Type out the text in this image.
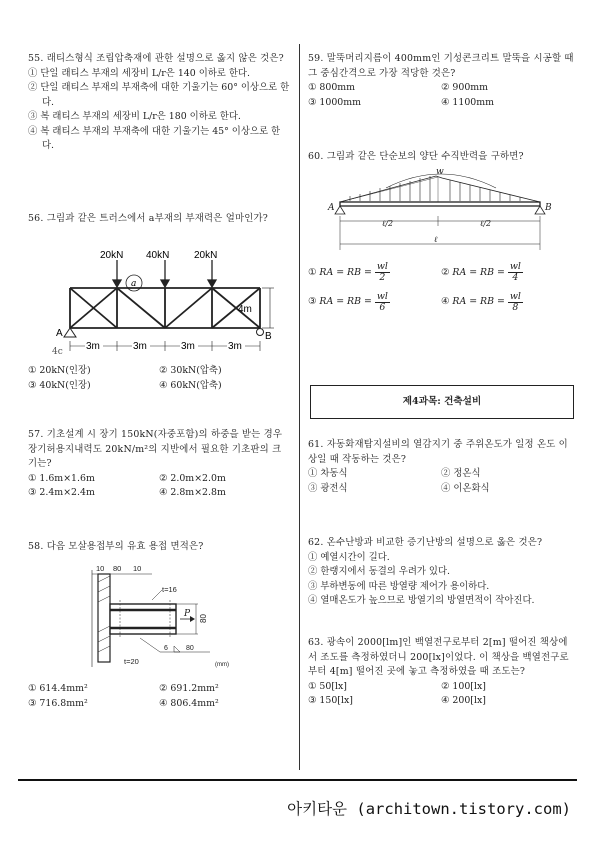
55. 래티스형식 조립압축재에 관한 설명으로 옳지 않은 것은?
① 단일 래티스 부재의 세장비 L/r은 140 이하로 한다.
② 단일 래티스 부재의 부재축에 대한 기울기는 60° 이상으로 한다.
③ 복 래티스 부재의 세장비 L/r은 180 이하로 한다.
④ 복 래티스 부재의 부재축에 대한 기울기는 45° 이상으로 한다.
56. 그림과 같은 트러스에서 a부재의 부재력은 얼마인가?
20kN 40kN 20kN
a
4m
A	B
4c 3m	3m	3m	3m
① 20kN(인장)	② 30kN(압축)
③ 40kN(인장)	④ 60kN(압축)
57. 기초설계 시 장기 150kN(자중포함)의 하중을 받는 경우 장기허용지내력도 20kN/m²의 지반에서 필요한 기초판의 크기는?
① 1.6m×1.6m	② 2.0m×2.0m
③ 2.4m×2.4m	④ 2.8m×2.8m
58. 다음 모살용접부의 유효 용접 면적은?
10 80 10
80
P
t=16
t=20
6	80
(mm)
① 614.4mm²	② 691.2mm²
③ 716.8mm²	④ 806.4mm²
59. 말뚝머리지름이 400mm인 기성콘크리트 말뚝을 시공할 때 그 중심간격으로 가장 적당한 것은?
① 800mm	② 900mm
③ 1000mm	④ 1100mm
60. 그림과 같은 단순보의 양단 수직반력을 구하면?
w
A	B
ℓ/2	ℓ/2
ℓ
① RA = RB = $\frac{wl}{2}$	② RA = RB = $\frac{wl}{4}$
③ RA = RB = $\frac{wl}{6}$	④ RA = RB = $\frac{wl}{8}$
제4과목: 건축설비
61. 자동화재탐지설비의 열감지기 중 주위온도가 일정 온도 이상일 때 작동하는 것은?
① 차동식	② 정온식
③ 광전식	④ 이온화식
62. 온수난방과 비교한 증기난방의 설명으로 옳은 것은?
① 예열시간이 길다.
② 한랭지에서 동결의 우려가 있다.
③ 부하변동에 따른 방열량 제어가 용이하다.
④ 열매온도가 높으므로 방열기의 방열면적이 작아진다.
63. 광속이 2000[lm]인 백열전구로부터 2[m] 떨어진 책상에서 조도를 측정하였더니 200[lx]이었다. 이 책상을 백열전구로부터 4[m] 떨어진 곳에 놓고 측정하였을 때 조도는?
① 50[lx]	② 100[lx]
③ 150[lx]	④ 200[lx]
아키타운 (architown.tistory.com)
